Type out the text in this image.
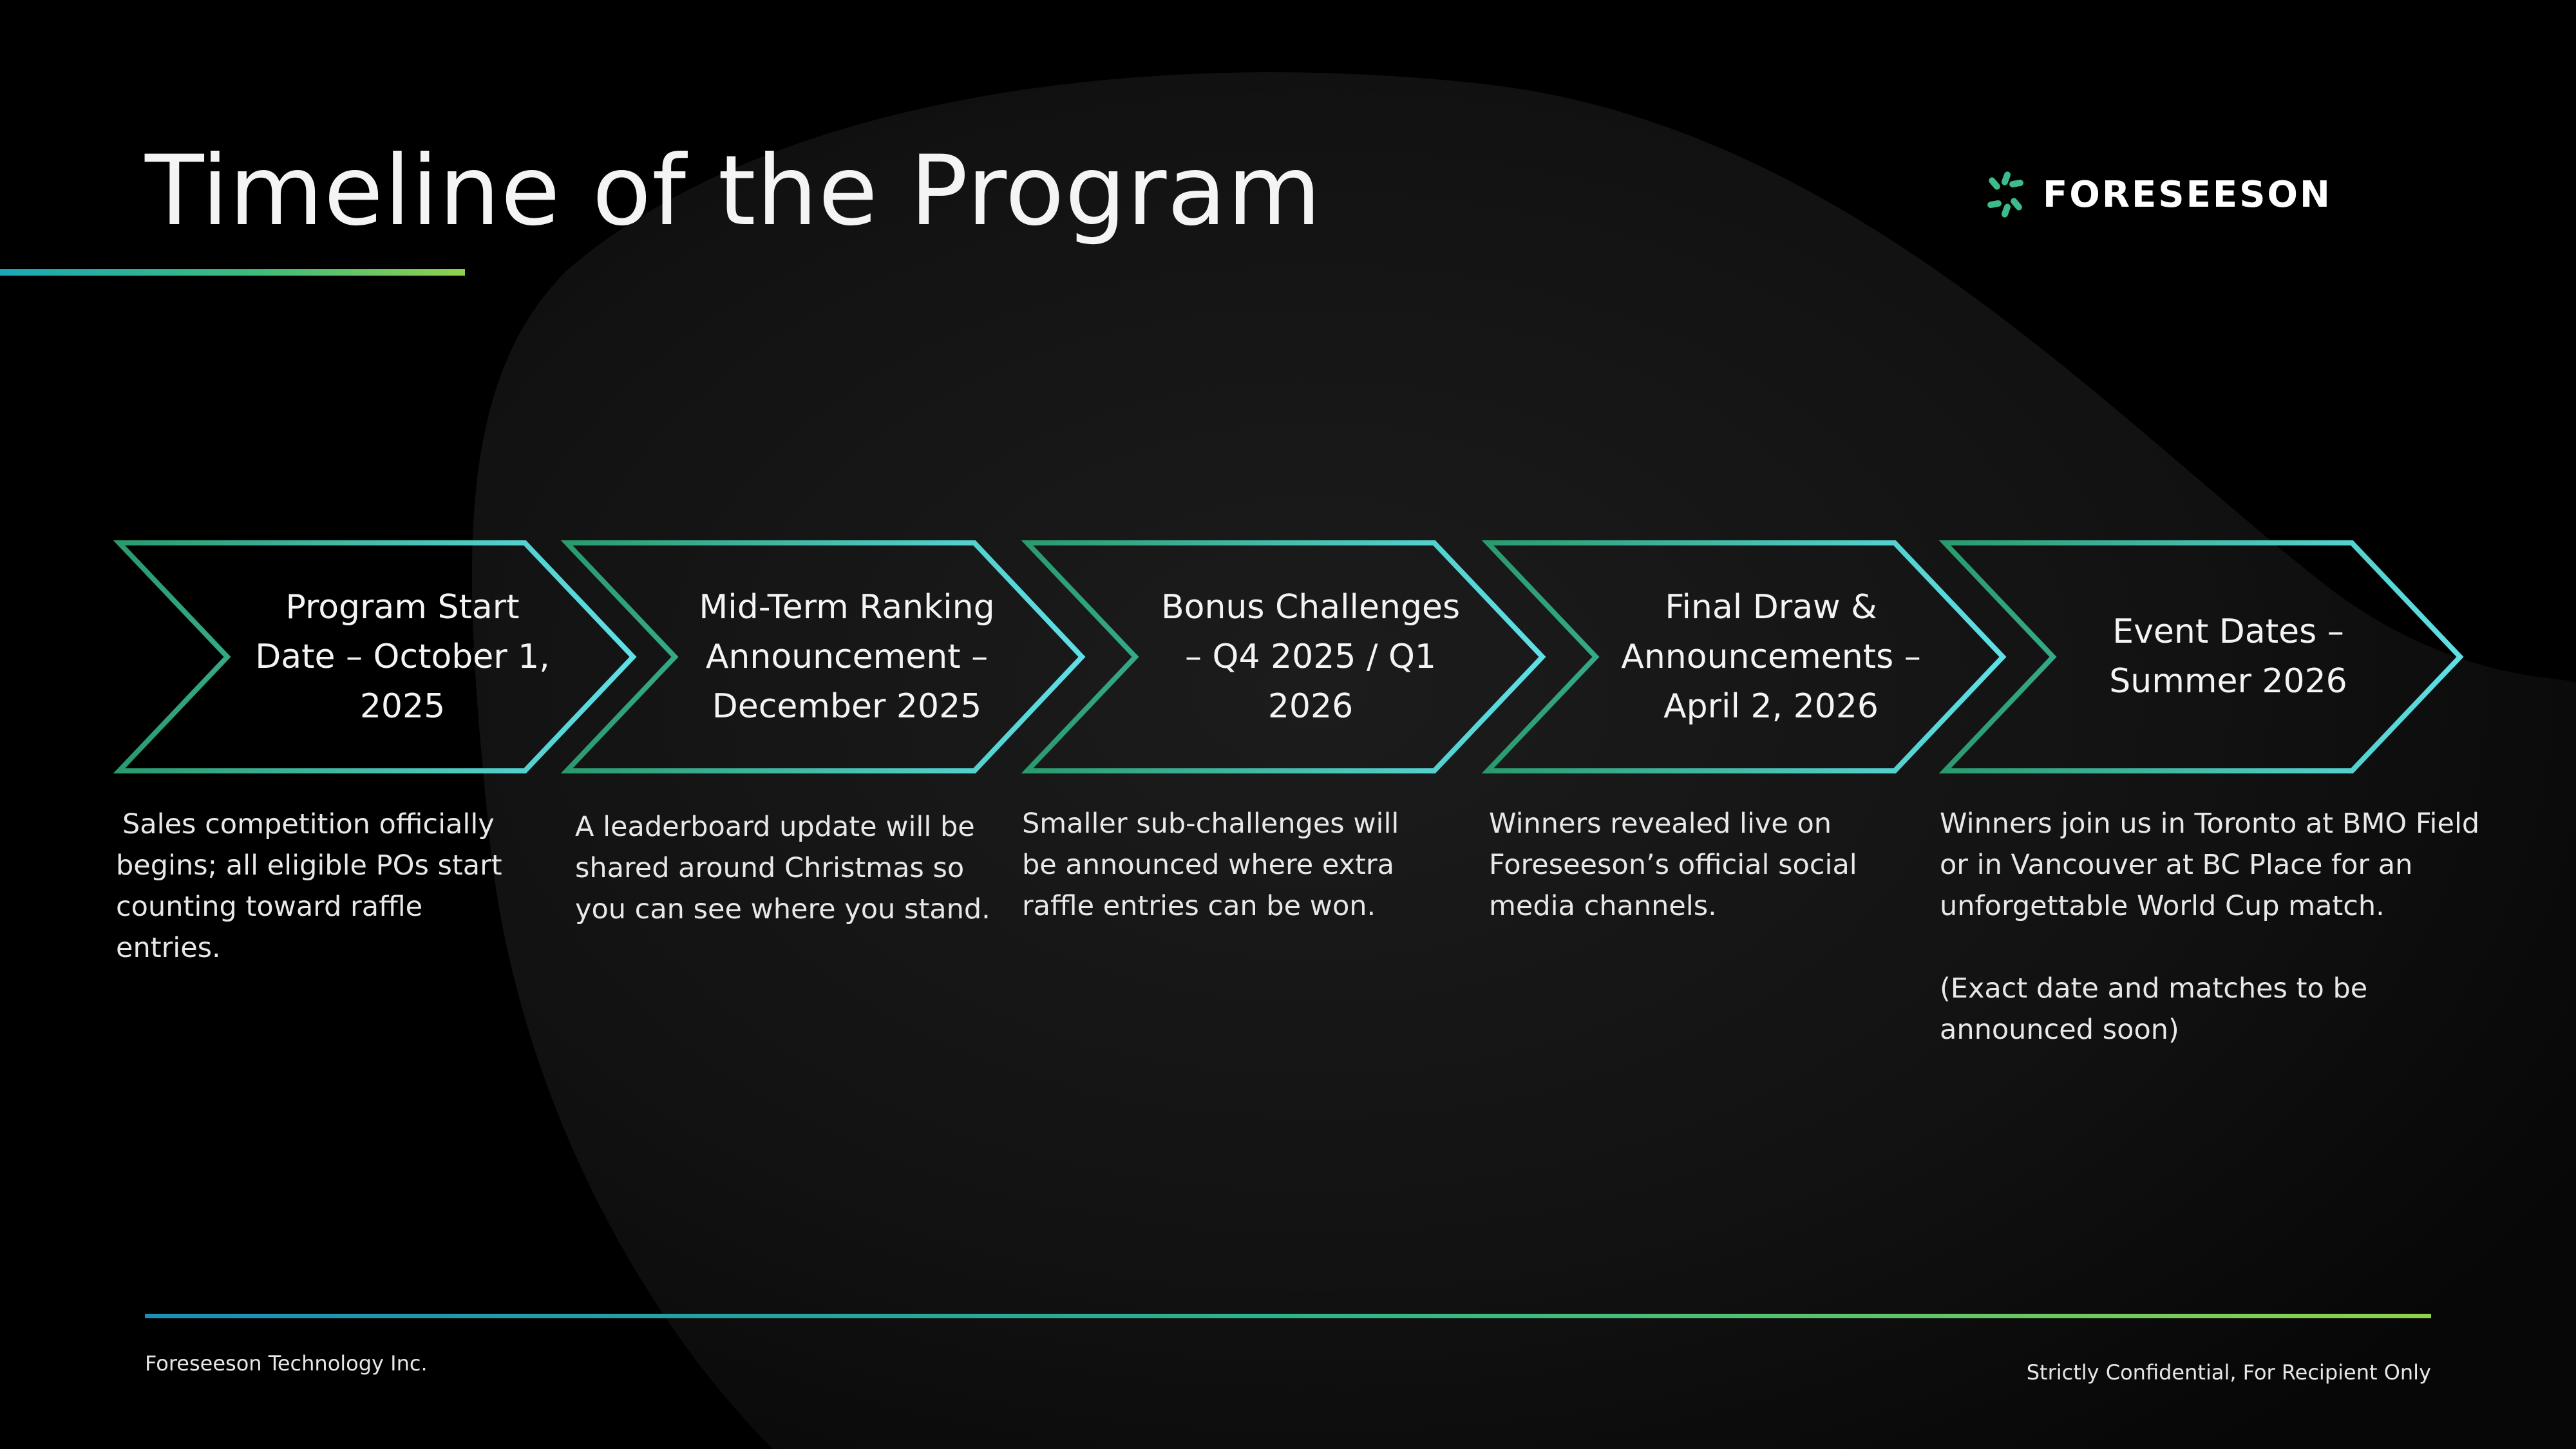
Timeline of the Program	FORESEESON
Program Start Date – October 1, 2025
Mid-Term Ranking Announcement – December 2025
Bonus Challenges – Q4 2025 / Q1 2026
Final Draw & Announcements – April 2, 2026
Event Dates – Summer 2026

Sales competition officially begins; all eligible POs start counting toward raffle entries.

A leaderboard update will be shared around Christmas so you can see where you stand.

Smaller sub-challenges will be announced where extra raffle entries can be won.

Winners revealed live on Foreseeson’s official social media channels.

Winners join us in Toronto at BMO Field or in Vancouver at BC Place for an unforgettable World Cup match.

(Exact date and matches to be announced soon)

Foreseeson Technology Inc.	Strictly Confidential, For Recipient Only
